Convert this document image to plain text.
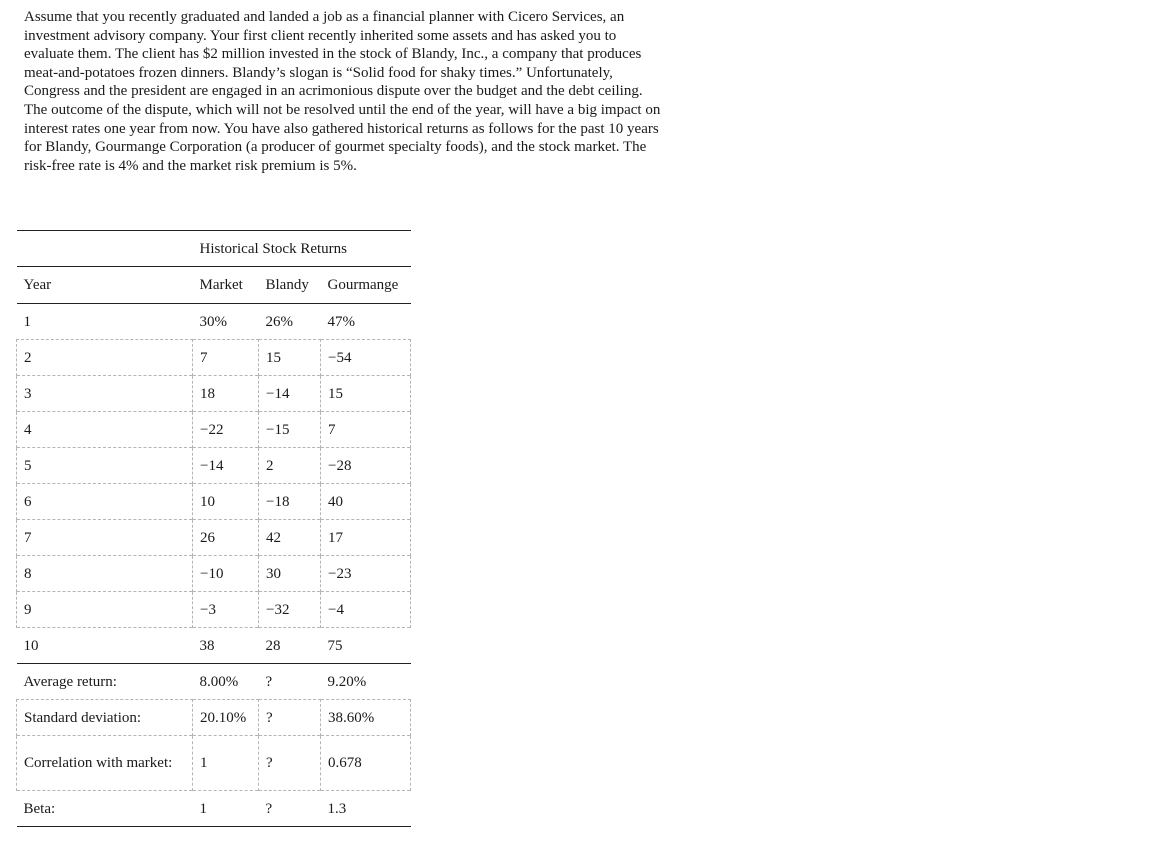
Assume that you recently graduated and landed a job as a financial planner with Cicero Services, an investment advisory company. Your first client recently inherited some assets and has asked you to evaluate them. The client has $2 million invested in the stock of Blandy, Inc., a company that produces meat-and-potatoes frozen dinners. Blandy’s slogan is “Solid food for shaky times.” Unfortunately, Congress and the president are engaged in an acrimonious dispute over the budget and the debt ceiling. The outcome of the dispute, which will not be resolved until the end of the year, will have a big impact on interest rates one year from now. You have also gathered historical returns as follows for the past 10 years for Blandy, Gourmange Corporation (a producer of gourmet specialty foods), and the stock market. The risk-free rate is 4% and the market risk premium is 5%.

	Historical Stock Returns		
Year	Market	Blandy	Gourmange
1	30%	26%	47%
2	7	15	−54
3	18	−14	15
4	−22	−15	7
5	−14	2	−28
6	10	−18	40
7	26	42	17
8	−10	30	−23
9	−3	−32	−4
10	38	28	75
Average return:	8.00%	?	9.20%
Standard deviation:	20.10%	?	38.60%
Correlation with market:	1	?	0.678
Beta:	1	?	1.3
